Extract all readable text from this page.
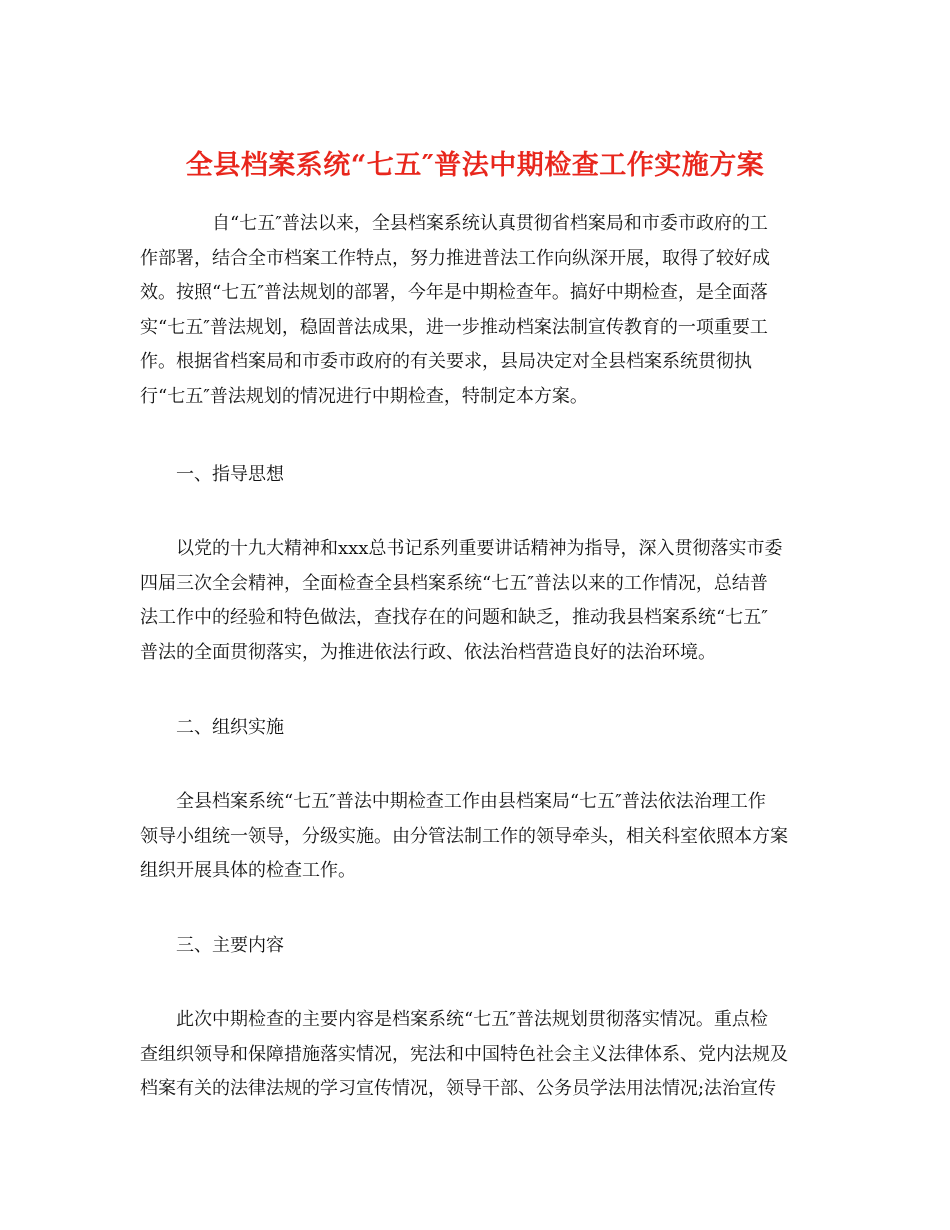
全县档案系统“七五″普法中期检查工作实施方案

自“七五″普法以来，全县档案系统认真贯彻省档案局和市委市政府的工
作部署，结合全市档案工作特点，努力推进普法工作向纵深开展，取得了较好成
效。按照“七五″普法规划的部署，今年是中期检查年。搞好中期检查，是全面落
实“七五″普法规划，稳固普法成果，进一步推动档案法制宣传教育的一项重要工
作。根据省档案局和市委市政府的有关要求，县局决定对全县档案系统贯彻执
行“七五″普法规划的情况进行中期检查，特制定本方案。

一、指导思想

以党的十九大精神和xxx总书记系列重要讲话精神为指导，深入贯彻落实市委
四届三次全会精神，全面检查全县档案系统“七五″普法以来的工作情况，总结普
法工作中的经验和特色做法，查找存在的问题和缺乏，推动我县档案系统“七五″
普法的全面贯彻落实，为推进依法行政、依法治档营造良好的法治环境。

二、组织实施

全县档案系统“七五″普法中期检查工作由县档案局“七五″普法依法治理工作
领导小组统一领导，分级实施。由分管法制工作的领导牵头，相关科室依照本方案
组织开展具体的检查工作。

三、主要内容

此次中期检查的主要内容是档案系统“七五″普法规划贯彻落实情况。重点检
查组织领导和保障措施落实情况，宪法和中国特色社会主义法律体系、党内法规及
档案有关的法律法规的学习宣传情况，领导干部、公务员学法用法情况;法治宣传
